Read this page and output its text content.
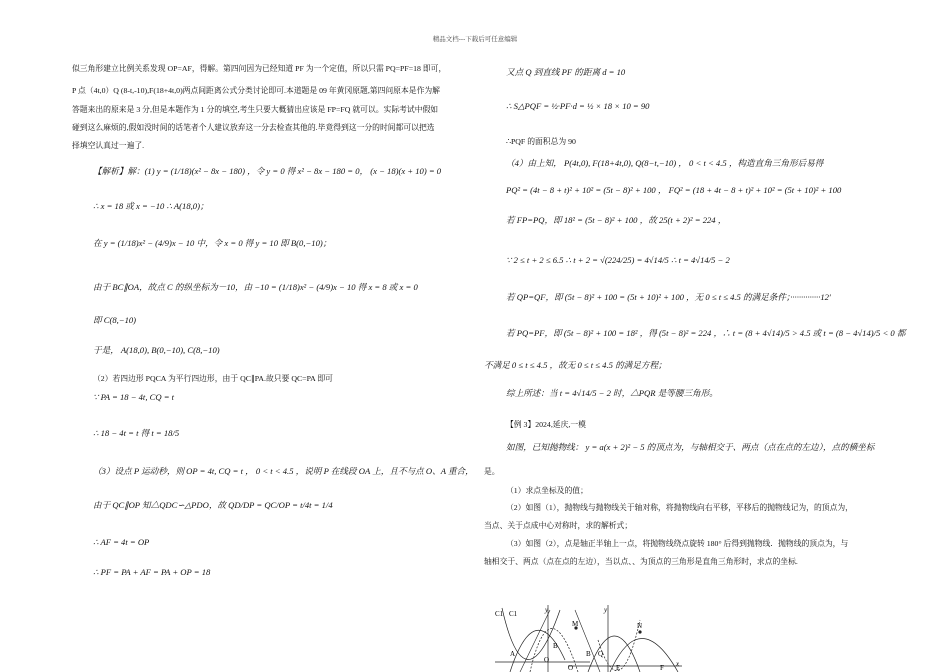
精品文档---下载后可任意编辑
似三角形建立比例关系发现 OP=AF，得解。第四问因为已经知道 PF 为一个定值，所以只需 PQ=PF=18 即可，
P 点（4t,0）Q (8-t,-10),F(18+4t,0)两点间距离公式分类讨论即可.本道题是 09 年黄冈原题,第四问原本是作为解
答题来出的原来是 3 分,但是本题作为 1 分的填空,考生只要大概猜出应该是 FP=FQ 就可以。实际考试中假如
碰到这么麻烦的,假如没时间的话笔者个人建议放弃这一分去检查其他的.毕竟得到这一分的时间都可以把选
择填空认真过一遍了.
【解析】解：(1) y = (1/18)(x² − 8x − 180) ，令 y = 0 得 x² − 8x − 180 = 0， (x − 18)(x + 10) = 0
∴ x = 18 或 x = −10 ∴ A(18,0)；
在 y = (1/18)x² − (4/9)x − 10 中，令 x = 0 得 y = 10 即 B(0,−10)；
由于 BC∥OA，故点 C 的纵坐标为－10，由 −10 = (1/18)x² − (4/9)x − 10 得 x = 8 或 x = 0
即 C(8,−10)
于是， A(18,0), B(0,−10), C(8,−10)
（2）若四边形 PQCA 为平行四边形，由于 QC∥PA.故只要 QC=PA 即可
∵ PA = 18 − 4t, CQ = t
∴ 18 − 4t = t 得 t = 18/5
（3）设点 P 运动秒，则 OP = 4t, CQ = t ， 0 < t < 4.5 ，说明 P 在线段 OA 上，且不与点 O、A 重合，
由于 QC∥OP 知△QDC∽△PDO，故 QD/DP = QC/OP = t/4t = 1/4
∴ AF = 4t = OP
∴ PF = PA + AF = PA + OP = 18
又点 Q 到直线 PF 的距离 d = 10
∴ S△PQF = ½·PF·d = ½ × 18 × 10 = 90
∴PQF 的面积总为 90
（4）由上知， P(4t,0), F(18+4t,0), Q(8−t,−10) ， 0 < t < 4.5 ，构造直角三角形后易得
PQ² = (4t − 8 + t)² + 10² = (5t − 8)² + 100 ， FQ² = (18 + 4t − 8 + t)² + 10² = (5t + 10)² + 100
若 FP=PQ，即 18² = (5t − 8)² + 100 ，故 25(t + 2)² = 224 ，
∵ 2 ≤ t + 2 ≤ 6.5 ∴ t + 2 = √(224/25) = 4√14/5 ∴ t = 4√14/5 − 2
若 QP=QF，即 (5t − 8)² + 100 = (5t + 10)² + 100 ，无 0 ≤ t ≤ 4.5 的满足条件；··············12′
若 PQ=PF，即 (5t − 8)² + 100 = 18² ，得 (5t − 8)² = 224 ，∴ t = (8 + 4√14)/5 > 4.5 或 t = (8 − 4√14)/5 < 0 都
不满足 0 ≤ t ≤ 4.5 ，故无 0 ≤ t ≤ 4.5 的满足方程；
综上所述：当 t = 4√14/5 − 2 时，△PQR 是等腰三角形。
【例 3】2024,延庆,一模
如图，已知抛物线： y = a(x + 2)² − 5 的顶点为，与轴相交于、两点（点在点的左边），点的横坐标
是。
（1）求点坐标及的值；
（2）如图（1），抛物线与抛物线关于轴对称，将抛物线向右平移，平移后的抛物线记为，的顶点为，
当点、关于点成中心对称时，求的解析式；
（3）如图（2），点是轴正半轴上一点，将抛物线绕点旋转 180° 后得到抛物线．抛物线的顶点为，与
轴相交于、两点（点在点的左边），当以点、、为顶点的三角形是直角三角形时，求点的坐标.
C1 C1	y	y
M	N
B
A
O
B Q
O	E	F x
